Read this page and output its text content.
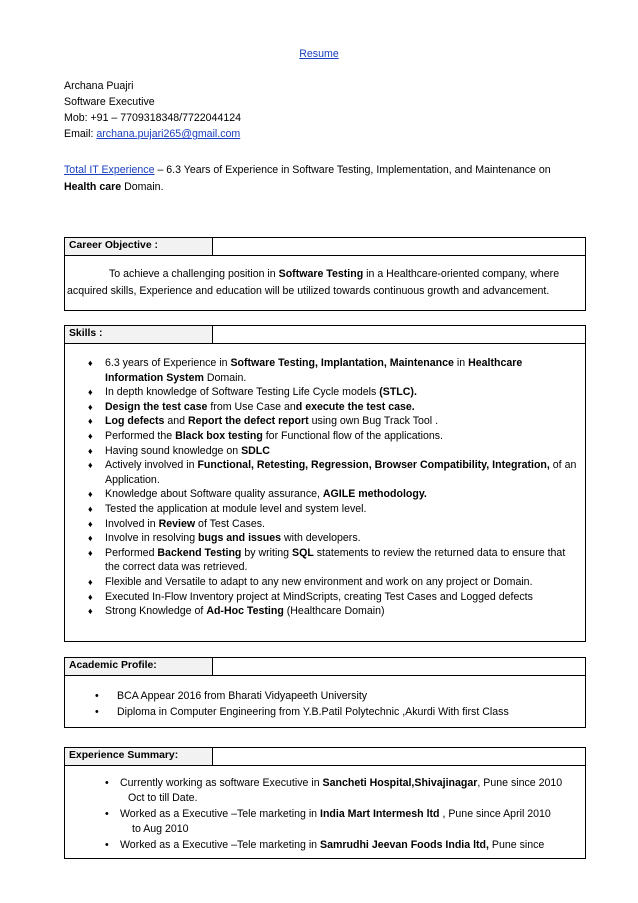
Resume
Archana Puajri
Software Executive
Mob: +91 – 7709318348/7722044124
Email: archana.pujari265@gmail.com
Total IT Experience – 6.3 Years of Experience in Software Testing, Implementation, and Maintenance on Health care Domain.
Career Objective :
To achieve a challenging position in Software Testing in a Healthcare-oriented company, where acquired skills, Experience and education will be utilized towards continuous growth and advancement.
Skills :
♦ 6.3 years of Experience in Software Testing, Implantation, Maintenance in Healthcare Information System Domain.
♦ In depth knowledge of Software Testing Life Cycle models (STLC).
♦ Design the test case from Use Case and execute the test case.
♦ Log defects and Report the defect report using own Bug Track Tool .
♦ Performed the Black box testing for Functional flow of the applications.
♦ Having sound knowledge on SDLC
♦ Actively involved in Functional, Retesting, Regression, Browser Compatibility, Integration, of an Application.
♦ Knowledge about Software quality assurance, AGILE methodology.
♦ Tested the application at module level and system level.
♦ Involved in Review of Test Cases.
♦ Involve in resolving bugs and issues with developers.
♦ Performed Backend Testing by writing SQL statements to review the returned data to ensure that the correct data was retrieved.
♦ Flexible and Versatile to adapt to any new environment and work on any project or Domain.
♦ Executed In-Flow Inventory project at MindScripts, creating Test Cases and Logged defects
♦ Strong Knowledge of Ad-Hoc Testing (Healthcare Domain)
Academic Profile:
• BCA Appear 2016 from Bharati Vidyapeeth University
• Diploma in Computer Engineering from Y.B.Patil Polytechnic ,Akurdi With first Class
Experience Summary:
• Currently working as software Executive in Sancheti Hospital,Shivajinagar, Pune since 2010
Oct to till Date.
• Worked as a Executive –Tele marketing in India Mart Intermesh ltd , Pune since April 2010
to Aug 2010
• Worked as a Executive –Tele marketing in Samrudhi Jeevan Foods India ltd, Pune since
